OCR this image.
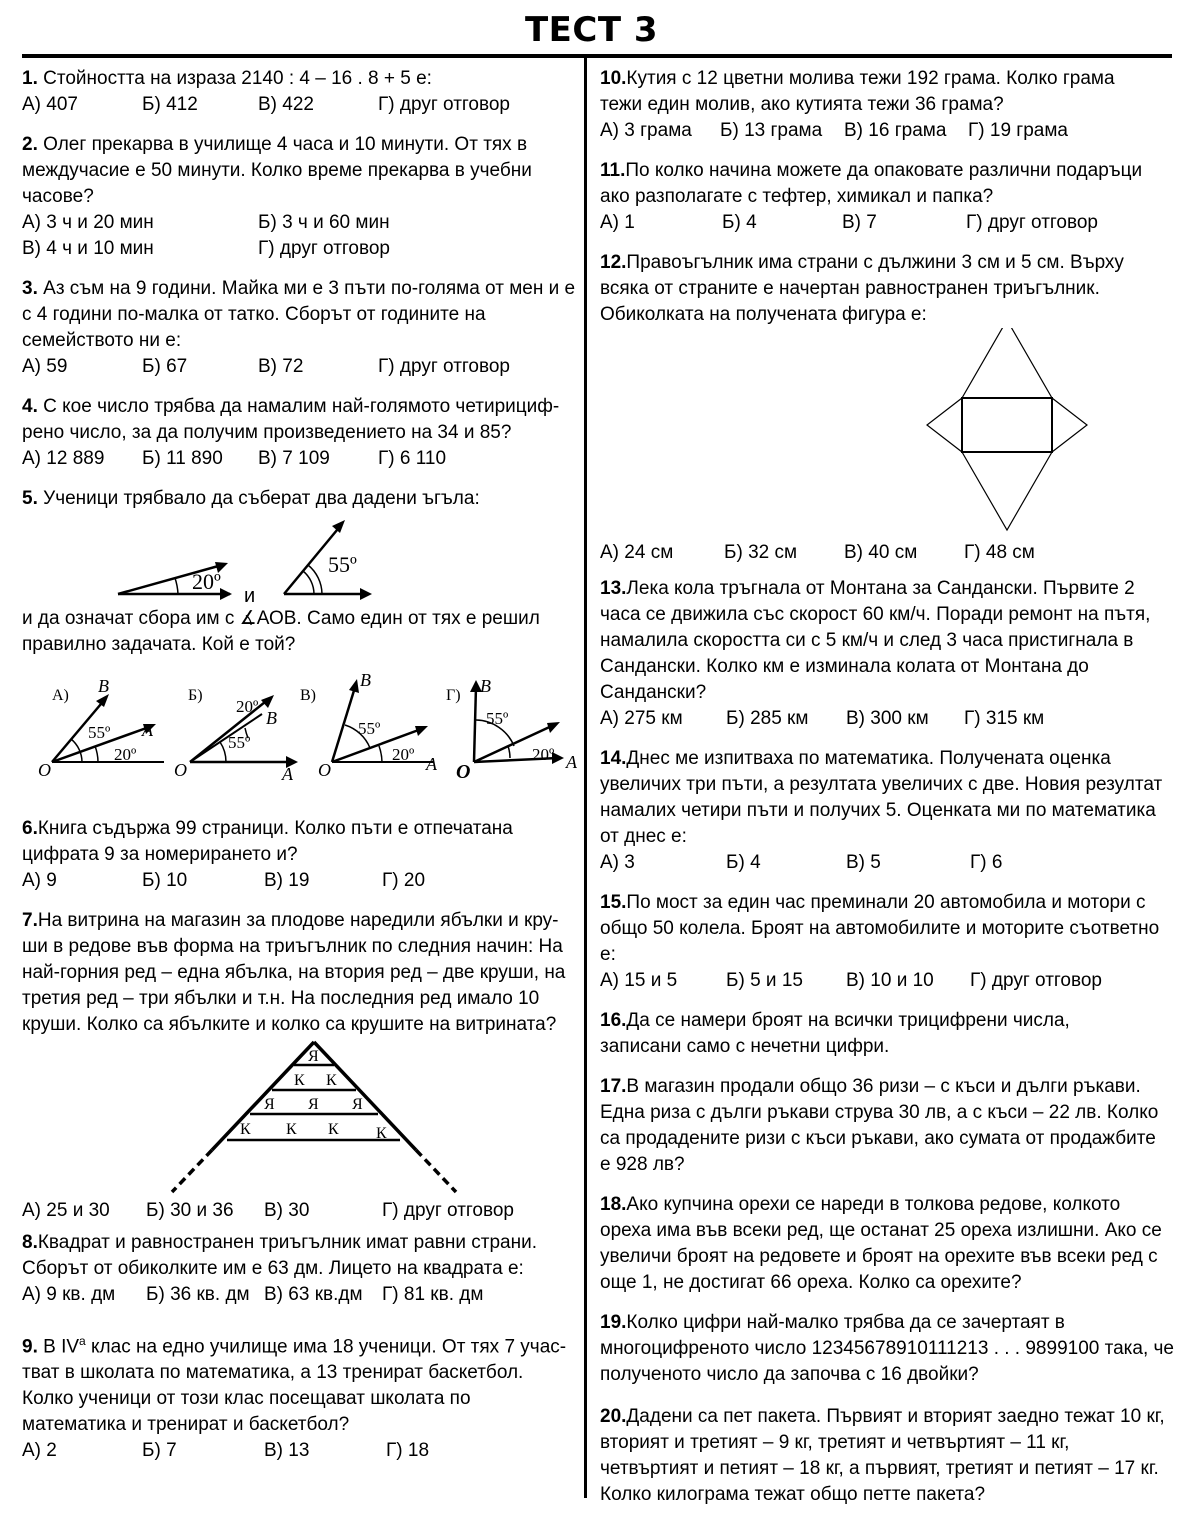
ТЕСТ 3

1. Стойността на израза 2140 : 4 – 16 . 8 + 5 е:

А) 407	Б) 412	В) 422	Г) друг отговор

2. Олег прекарва в училище 4 часа и 10 минути. От тях в междучасие е 50 минути. Колко време прекарва в учебни часове?

А) 3 ч и 20 мин	Б) 3 ч и 60 мин
В) 4 ч и 10 мин	Г) друг отговор

3. Аз съм на 9 години. Майка ми е 3 пъти по-голяма от мен и е с 4 години по-малка от татко. Сборът от годините на семейството ни е:

А) 59	Б) 67	В) 72	Г) друг отговор

4. С кое число трябва да намалим най-голямото четирициф-рено число, за да получим произведението на 34 и 85?

А) 12 889 Б) 11 890 В) 7 109	Г) 6 110

5. Ученици трябвало да съберат два дадени ъгъла:

20º
и
55º

и да означат сбора им с ∡АОВ. Само един от тях е решил правилно задачата. Кой е той?

А)
O
A
B
55º
20º
Б)
O	A
B
20º
55º
В)
O	A
B
55º
20º
Г)
O	A
B
55º
20º

6.Книга съдържа 99 страници. Колко пъти е отпечатана цифрата 9 за номерирането и?

А) 9	Б) 10	В) 19	Г) 20

7.На витрина на магазин за плодове наредили ябълки и кру-ши в редове във форма на триъгълник по следния начин: На най-горния ред – една ябълка, на втория ред – две круши, на третия ред – три ябълки и т.н. На последния ред имало 10 круши. Колко са ябълките и колко са крушите на витрината?

Я
К К
Я Я Я
К К К К
А) 25 и 30 Б) 30 и 36 В) 30	Г) друг отговор

8.Квадрат и равностранен триъгълник имат равни страни. Сборът от обиколките им е 63 дм. Лицето на квадрата е:

А) 9 кв. дм Б) 36 кв. дм В) 63 кв.дм Г) 81 кв. дм

9. В $IV^а$ клас на едно училище има 18 ученици. От тях 7 учас-тват в школата по математика, а 13 тренират баскетбол. Колко ученици от този клас посещават школата по математика и тренират и баскетбол?

А) 2	Б) 7	В) 13	Г) 18

10.Кутия с 12 цветни молива тежи 192 грама. Колко грама тежи един молив, ако кутията тежи 36 грама?

А) 3 грама Б) 13 грама В) 16 грама Г) 19 грама

11.По колко начина можете да опаковате различни подаръци ако разполагате с тефтер, химикал и папка?

А) 1	Б) 4	В) 7	Г) друг отговор

12.Правоъгълник има страни с дължини 3 см и 5 см. Върху всяка от страните е начертан равностранен триъгълник. Обиколката на получената фигура е:

А) 24 см	Б) 32 см В) 40 см Г) 48 см

13.Лека кола тръгнала от Монтана за Сандански. Първите 2 часа се движила със скорост 60 км/ч. Поради ремонт на пътя, намалила скоростта си с 5 км/ч и след 3 часа пристигнала в Сандански. Колко км е изминала колата от Монтана до Сандански?

А) 275 км Б) 285 км В) 300 км Г) 315 км

14.Днес ме изпитваха по математика. Получената оценка увеличих три пъти, а резултата увеличих с две. Новия резултат намалих четири пъти и получих 5. Оценката ми по математика от днес е:

А) 3	Б) 4	В) 5	Г) 6

15.По мост за един час преминали 20 автомобила и мотори с общо 50 колела. Броят на автомобилите и моторите съответно е:

А) 15 и 5	Б) 5 и 15 В) 10 и 10 Г) друг отговор

16.Да се намери броят на всички трицифрени числа, записани само с нечетни цифри.

17.В магазин продали общо 36 ризи – с къси и дълги ръкави. Една риза с дълги ръкави струва 30 лв, а с къси – 22 лв. Колко са продадените ризи с къси ръкави, ако сумата от продажбите е 928 лв?

18.Ако купчина орехи се нареди в толкова редове, колкото ореха има във всеки ред, ще останат 25 ореха излишни. Ако се увеличи броят на редовете и броят на орехите във всеки ред с още 1, не достигат 66 ореха. Колко са орехите?

19.Колко цифри най-малко трябва да се зачертаят в многоцифреното число 12345678910111213 . . . 9899100 така, че полученото число да започва с 16 двойки?

20.Дадени са пет пакета. Първият и вторият заедно тежат 10 кг, вторият и третият – 9 кг, третият и четвъртият – 11 кг, четвъртият и петият – 18 кг, а първият, третият и петият – 17 кг. Колко килограма тежат общо петте пакета?
